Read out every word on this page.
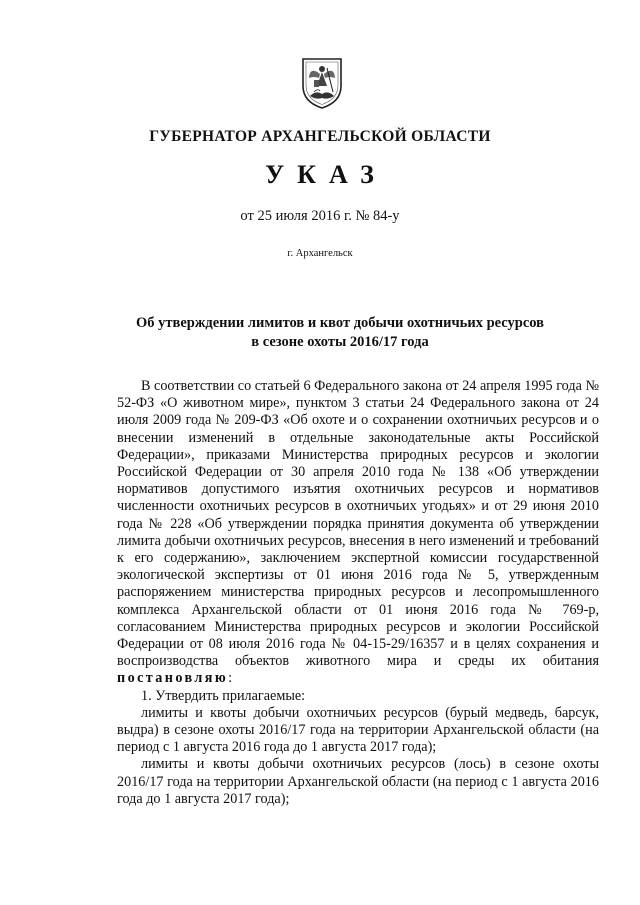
ГУБЕРНАТОР АРХАНГЕЛЬСКОЙ ОБЛАСТИ
УКАЗ
от 25 июля 2016 г. № 84-у
г. Архангельск
Об утверждении лимитов и квот добычи охотничьих ресурсов
в сезоне охоты 2016/17 года

В соответствии со статьей 6 Федерального закона от 24 апреля 1995 года № 52-ФЗ «О животном мире», пунктом 3 статьи 24 Федерального закона от 24 июля 2009 года № 209-ФЗ «Об охоте и о сохранении охотничьих ресурсов и о внесении изменений в отдельные законодательные акты Российской Федерации», приказами Министерства природных ресурсов и экологии Российской Федерации от 30 апреля 2010 года № 138 «Об утверждении нормативов допустимого изъятия охотничьих ресурсов и нормативов численности охотничьих ресурсов в охотничьих угодьях» и от 29 июня 2010 года № 228 «Об утверждении порядка принятия документа об утверждении лимита добычи охотничьих ресурсов, внесения в него изменений и требований к его содержанию», заключением экспертной комиссии государственной экологической экспертизы от 01 июня 2016 года № 5, утвержденным распоряжением министерства природных ресурсов и лесопромышленного комплекса Архангельской области от 01 июня 2016 года № 769-р, согласованием Министерства природных ресурсов и экологии Российской Федерации от 08 июля 2016 года № 04-15-29/16357 и в целях сохранения и воспроизводства объектов животного мира и среды их обитания постановляю:

1. Утвердить прилагаемые:

лимиты и квоты добычи охотничьих ресурсов (бурый медведь, барсук, выдра) в сезоне охоты 2016/17 года на территории Архангельской области (на период с 1 августа 2016 года до 1 августа 2017 года);

лимиты и квоты добычи охотничьих ресурсов (лось) в сезоне охоты 2016/17 года на территории Архангельской области (на период с 1 августа 2016 года до 1 августа 2017 года);
